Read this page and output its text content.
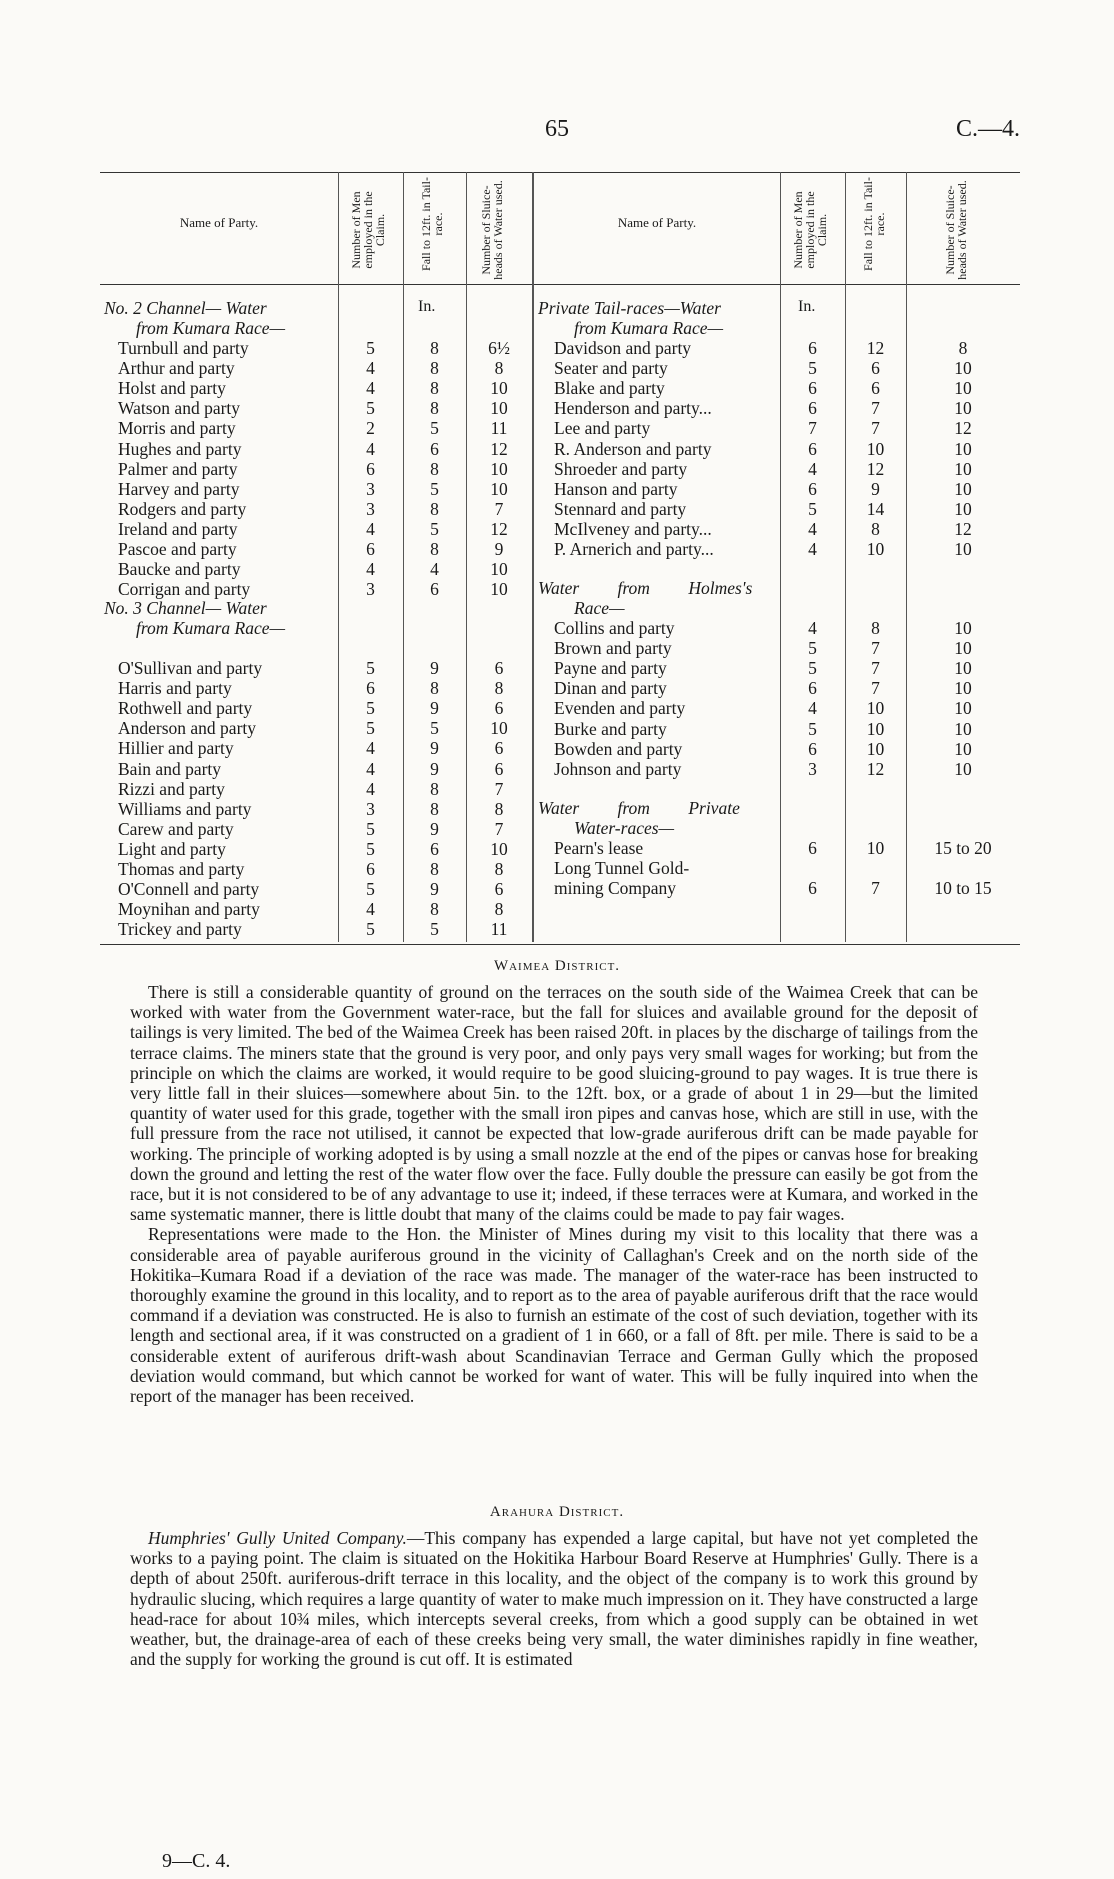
65	C.—4.
Name of Party.	Number of Men employed in the Claim.	Fall to 12ft. in Tail-race.	Number of Sluice-heads of Water used.	Name of Party.	Number of Men employed in the Claim.	Fall to 12ft. in Tail-race.	Number of Sluice-heads of Water used.
In.	In.
No. 2 Channel— Water
from Kumara Race—
Turnbull and party	5	8	6½
Arthur and party	4	8	8
Holst and party	4	8	10
Watson and party	5	8	10
Morris and party	2	5	11
Hughes and party	4	6	12
Palmer and party	6	8	10
Harvey and party	3	5	10
Rodgers and party	3	8	7
Ireland and party	4	5	12
Pascoe and party	6	8	9
Baucke and party	4	4	10
Corrigan and party	3	6	10
No. 3 Channel— Water
from Kumara Race—
O'Sullivan and party	5	9	6
Harris and party	6	8	8
Rothwell and party	5	9	6
Anderson and party	5	5	10
Hillier and party	4	9	6
Bain and party	4	9	6
Rizzi and party	4	8	7
Williams and party	3	8	8
Carew and party	5	9	7
Light and party	5	6	10
Thomas and party	6	8	8
O'Connell and party	5	9	6
Moynihan and party	4	8	8
Trickey and party	5	5	11
Private Tail-races—Water
from Kumara Race—
Davidson and party	6	12	8
Seater and party	5	6	10
Blake and party	6	6	10
Henderson and party...	6	7	10
Lee and party	7	7	12
R. Anderson and party	6	10	10
Shroeder and party	4	12	10
Hanson and party	6	9	10
Stennard and party	5	14	10
McIlveney and party...	4	8	12
P. Arnerich and party...	4	10	10
Water from Holmes's
Race—
Collins and party	4	8	10
Brown and party	5	7	10
Payne and party	5	7	10
Dinan and party	6	7	10
Evenden and party	4	10	10
Burke and party	5	10	10
Bowden and party	6	10	10
Johnson and party	3	12	10
Water from Private
Water-races—
Pearn's lease	6	10	15 to 20
Long Tunnel Gold-
mining Company	6	7	10 to 15
Waimea District.

There is still a considerable quantity of ground on the terraces on the south side of the Waimea Creek that can be worked with water from the Government water-race, but the fall for sluices and available ground for the deposit of tailings is very limited. The bed of the Waimea Creek has been raised 20ft. in places by the discharge of tailings from the terrace claims. The miners state that the ground is very poor, and only pays very small wages for working; but from the principle on which the claims are worked, it would require to be good sluicing-ground to pay wages. It is true there is very little fall in their sluices—somewhere about 5in. to the 12ft. box, or a grade of about 1 in 29—but the limited quantity of water used for this grade, together with the small iron pipes and canvas hose, which are still in use, with the full pressure from the race not utilised, it cannot be expected that low-grade auriferous drift can be made payable for working. The principle of working adopted is by using a small nozzle at the end of the pipes or canvas hose for breaking down the ground and letting the rest of the water flow over the face. Fully double the pressure can easily be got from the race, but it is not considered to be of any advantage to use it; indeed, if these terraces were at Kumara, and worked in the same systematic manner, there is little doubt that many of the claims could be made to pay fair wages.

Representations were made to the Hon. the Minister of Mines during my visit to this locality that there was a considerable area of payable auriferous ground in the vicinity of Callaghan's Creek and on the north side of the Hokitika–Kumara Road if a deviation of the race was made. The manager of the water-race has been instructed to thoroughly examine the ground in this locality, and to report as to the area of payable auriferous drift that the race would command if a deviation was constructed. He is also to furnish an estimate of the cost of such deviation, together with its length and sectional area, if it was constructed on a gradient of 1 in 660, or a fall of 8ft. per mile. There is said to be a considerable extent of auriferous drift-wash about Scandinavian Terrace and German Gully which the proposed deviation would command, but which cannot be worked for want of water. This will be fully inquired into when the report of the manager has been received.

Arahura District.

Humphries' Gully United Company.—This company has expended a large capital, but have not yet completed the works to a paying point. The claim is situated on the Hokitika Harbour Board Reserve at Humphries' Gully. There is a depth of about 250ft. auriferous-drift terrace in this locality, and the object of the company is to work this ground by hydraulic slucing, which requires a large quantity of water to make much impression on it. They have constructed a large head-race for about 10¾ miles, which intercepts several creeks, from which a good supply can be obtained in wet weather, but, the drainage-area of each of these creeks being very small, the water diminishes rapidly in fine weather, and the supply for working the ground is cut off. It is estimated

9—C. 4.
